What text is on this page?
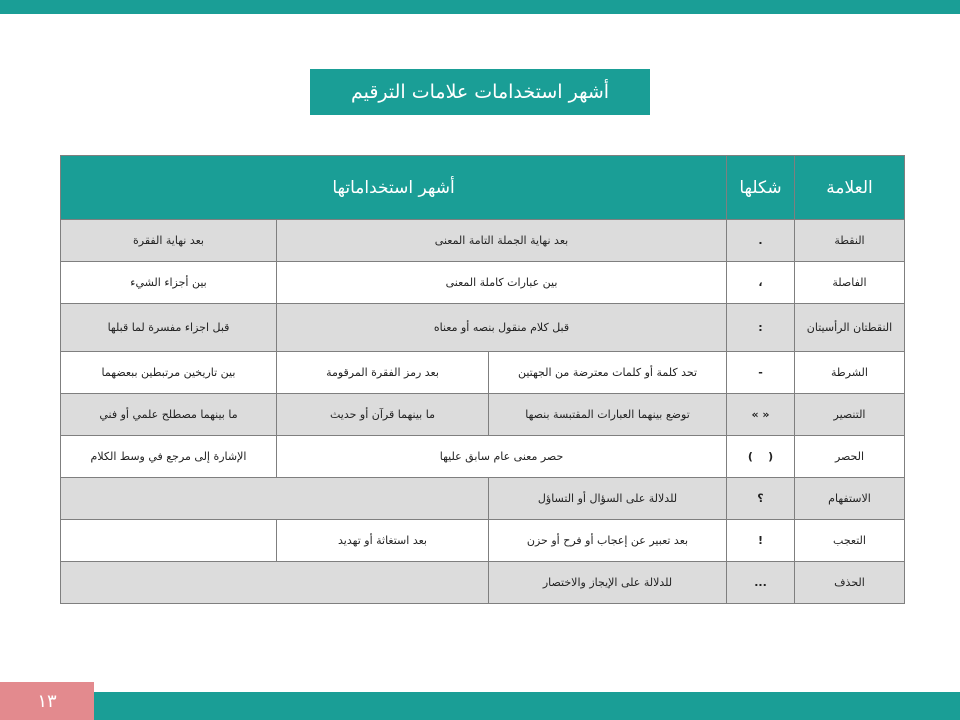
أشهر استخدامات علامات الترقيم
العلامة	شكلها	أشهر استخداماتها		
النقطة	.	بعد نهاية الجملة التامة المعنى		بعد نهاية الفقرة
الفاصلة	،	بين عبارات كاملة المعنى		بين أجزاء الشيء
النقطتان الرأسيتان	:	قبل كلام منقول بنصه أو معناه		قبل اجزاء مفسرة لما قبلها
الشرطة	-	تحد كلمة أو كلمات معترضة من الجهتين	بعد رمز الفقرة المرقومة	بين تاريخين مرتبطين ببعضهما
التنصير	« »	توضع بينهما العبارات المقتبسة بنصها	ما بينهما قرآن أو حديث	ما بينهما مصطلح علمي أو فني
الحصر	(    )	حصر معنى عام سابق عليها		الإشارة إلى مرجع في وسط الكلام
الاستفهام	؟	للدلالة على السؤال أو التساؤل		
التعجب	!	بعد تعبير عن إعجاب أو فرح أو حزن	بعد استغاثة أو تهديد	
الحذف	...	للدلالة على الإيجاز والاختصار		
١٣
